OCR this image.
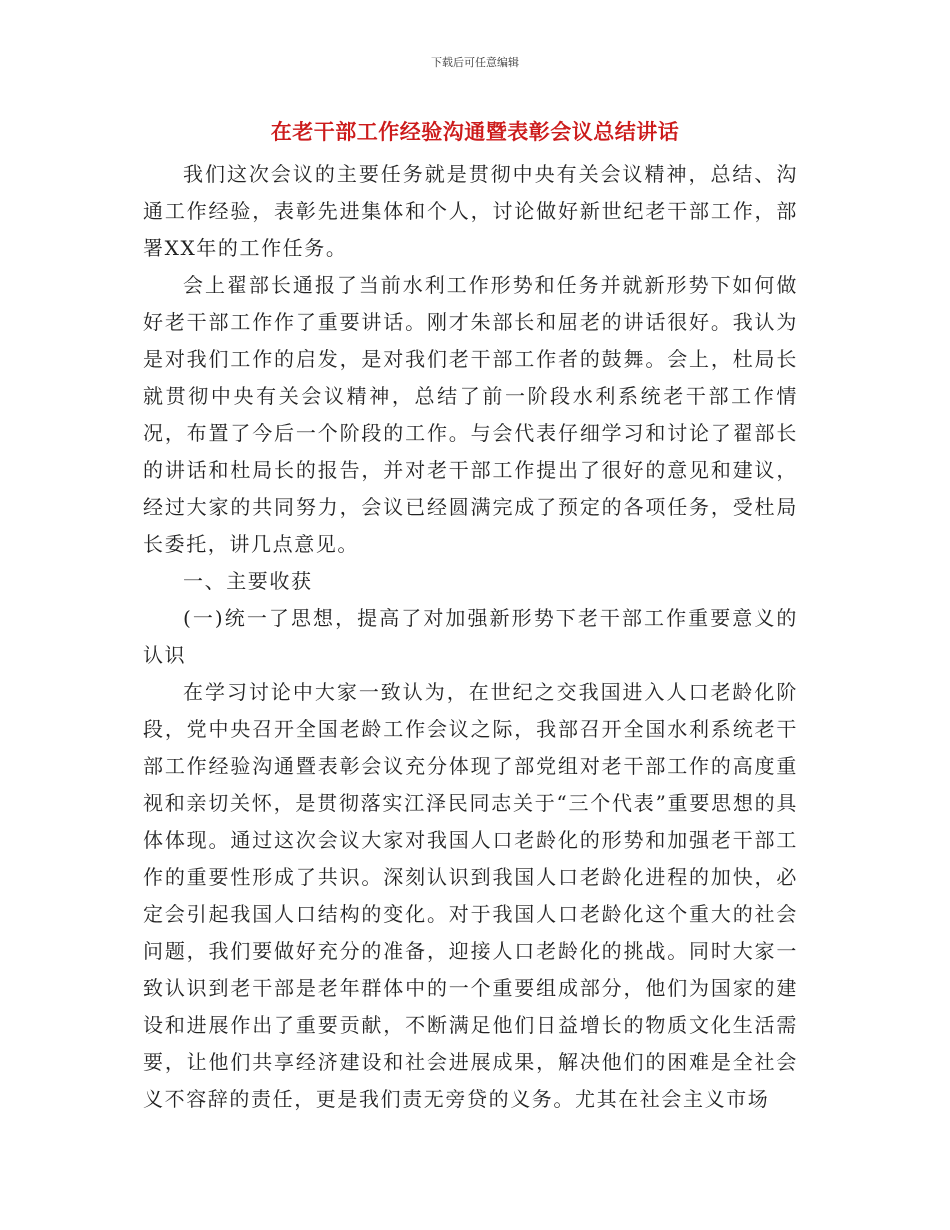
下载后可任意编辑
在老干部工作经验沟通暨表彰会议总结讲话

我们这次会议的主要任务就是贯彻中央有关会议精神，总结、沟通工作经验，表彰先进集体和个人，讨论做好新世纪老干部工作，部署XX年的工作任务。

会上翟部长通报了当前水利工作形势和任务并就新形势下如何做好老干部工作作了重要讲话。刚才朱部长和屈老的讲话很好。我认为是对我们工作的启发，是对我们老干部工作者的鼓舞。会上，杜局长就贯彻中央有关会议精神，总结了前一阶段水利系统老干部工作情况，布置了今后一个阶段的工作。与会代表仔细学习和讨论了翟部长的讲话和杜局长的报告，并对老干部工作提出了很好的意见和建议，经过大家的共同努力，会议已经圆满完成了预定的各项任务，受杜局长委托，讲几点意见。

一、主要收获

(一)统一了思想，提高了对加强新形势下老干部工作重要意义的认识

在学习讨论中大家一致认为，在世纪之交我国进入人口老龄化阶段，党中央召开全国老龄工作会议之际，我部召开全国水利系统老干部工作经验沟通暨表彰会议充分体现了部党组对老干部工作的高度重视和亲切关怀，是贯彻落实江泽民同志关于“三个代表”重要思想的具体体现。通过这次会议大家对我国人口老龄化的形势和加强老干部工作的重要性形成了共识。深刻认识到我国人口老龄化进程的加快，必定会引起我国人口结构的变化。对于我国人口老龄化这个重大的社会问题，我们要做好充分的准备，迎接人口老龄化的挑战。同时大家一致认识到老干部是老年群体中的一个重要组成部分，他们为国家的建设和进展作出了重要贡献，不断满足他们日益增长的物质文化生活需要，让他们共享经济建设和社会进展成果，解决他们的困难是全社会义不容辞的责任，更是我们责无旁贷的义务。尤其在社会主义市场
